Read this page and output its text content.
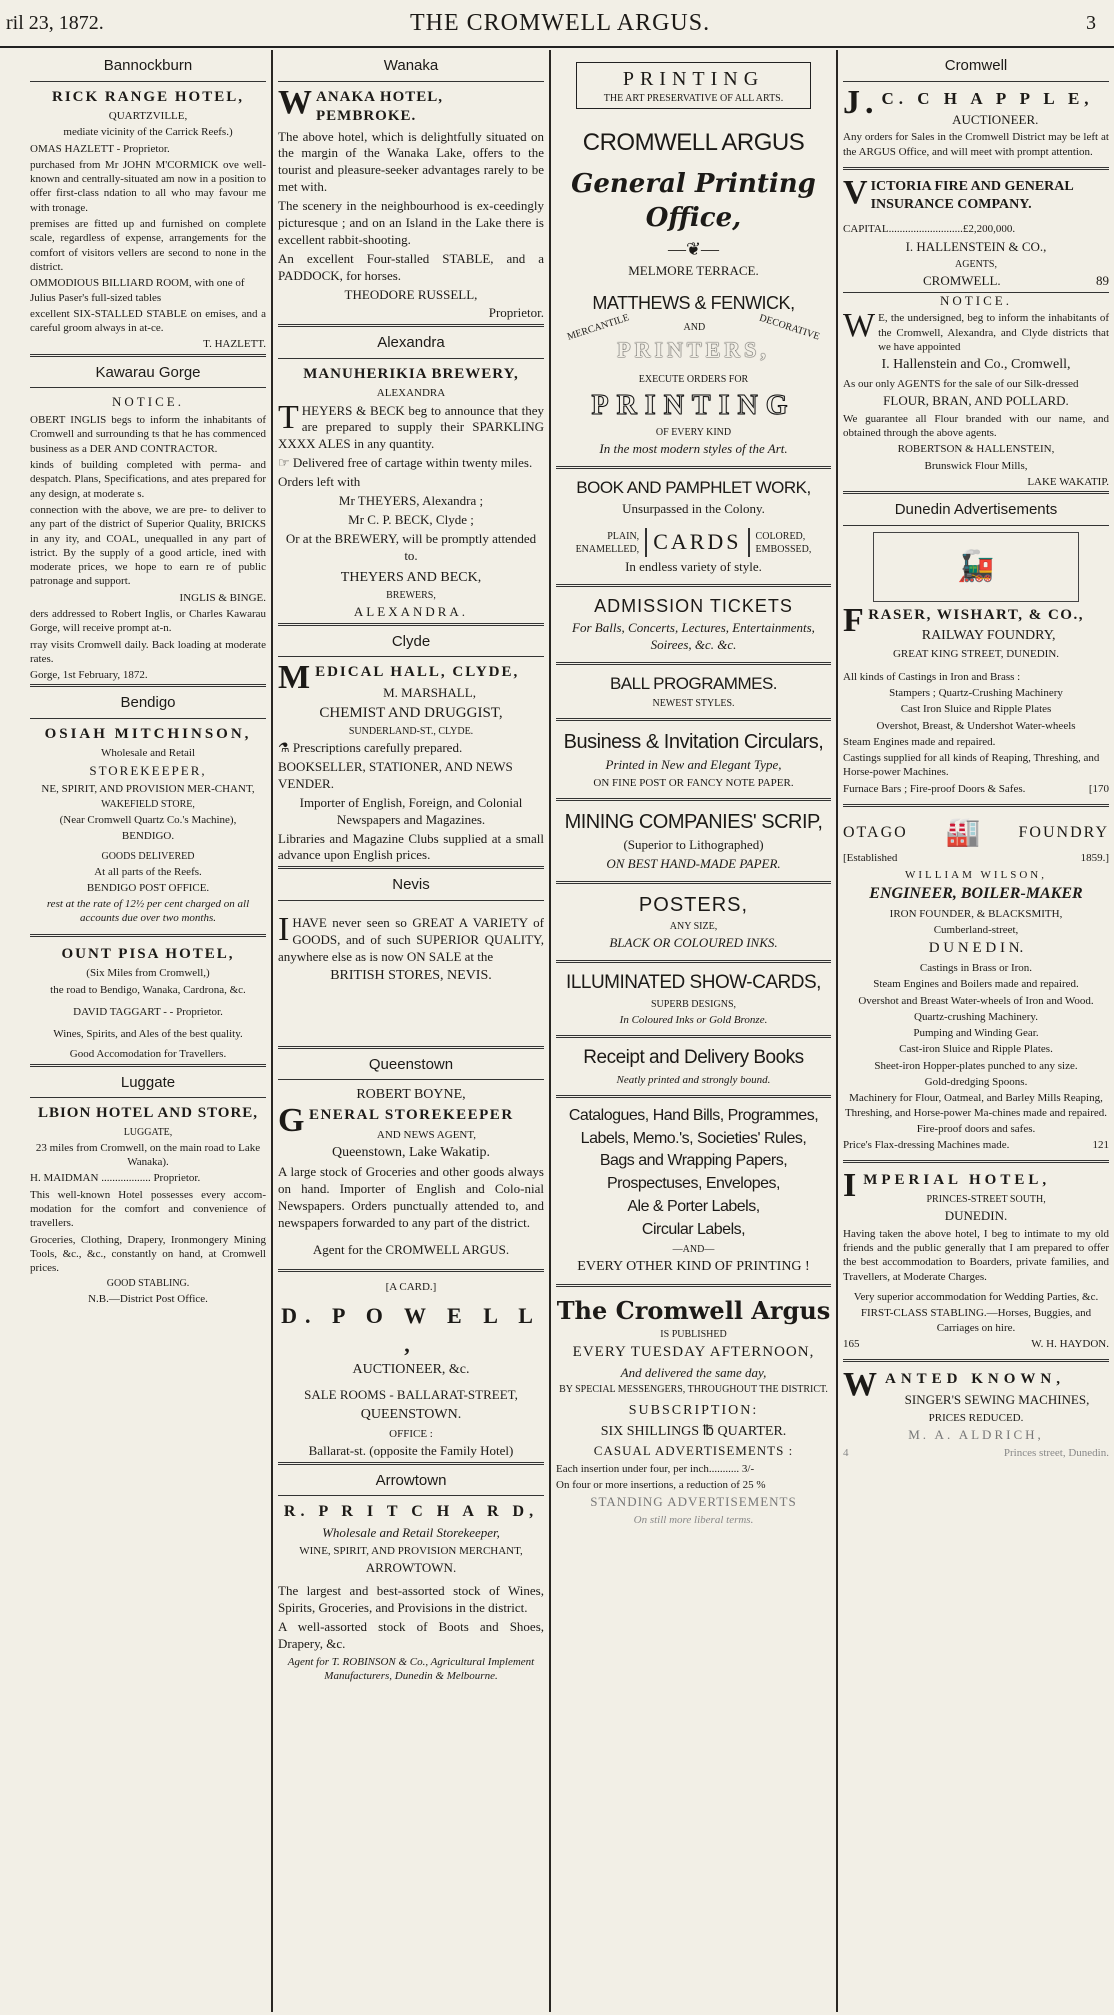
ril 23, 1872.	THE CROMWELL ARGUS.	3
Bannockburn
RICK RANGE HOTEL,

QUARTZVILLE,

mediate vicinity of the Carrick Reefs.)

OMAS HAZLETT - Proprietor.

purchased from Mr JOHN M'CORMICK ove well-known and centrally-situated am now in a position to offer first-class ndation to all who may favour me with tronage.

premises are fitted up and furnished on complete scale, regardless of expense, arrangements for the comfort of visitors vellers are second to none in the district.

OMMODIOUS BILLIARD ROOM, with one of Julius Paser's full-sized tables

excellent SIX-STALLED STABLE on emises, and a careful groom always in at-ce.

T. HAZLETT.

Kawarau Gorge

NOTICE.

OBERT INGLIS begs to inform the inhabitants of Cromwell and surrounding ts that he has commenced business as a DER AND CONTRACTOR.

kinds of building completed with perma- and despatch. Plans, Specifications, and ates prepared for any design, at moderate s.

connection with the above, we are pre- to deliver to any part of the district of Superior Quality, BRICKS in any ity, and COAL, unequalled in any part of istrict. By the supply of a good article, ined with moderate prices, we hope to earn re of public patronage and support.

INGLIS & BINGE.

ders addressed to Robert Inglis, or Charles Kawarau Gorge, will receive prompt at-n.

rray visits Cromwell daily. Back loading at moderate rates.

Gorge, 1st February, 1872.

Bendigo
OSIAH MITCHINSON,

Wholesale and Retail

STOREKEEPER,

NE, SPIRIT, AND PROVISION MER-CHANT,

WAKEFIELD STORE,

(Near Cromwell Quartz Co.'s Machine),

BENDIGO.

GOODS DELIVERED

At all parts of the Reefs.

BENDIGO POST OFFICE.

rest at the rate of 12½ per cent charged on all accounts due over two months.

OUNT PISA HOTEL,

(Six Miles from Cromwell,)

the road to Bendigo, Wanaka, Cardrona, &c.

DAVID TAGGART - - Proprietor.

Wines, Spirits, and Ales of the best quality.

Good Accomodation for Travellers.

Luggate
LBION HOTEL AND STORE,

LUGGATE,

23 miles from Cromwell, on the main road to Lake Wanaka).

H. MAIDMAN .................. Proprietor.

This well-known Hotel possesses every accom-modation for the comfort and convenience of travellers.

Groceries, Clothing, Drapery, Ironmongery Mining Tools, &c., &c., constantly on hand, at Cromwell prices.

GOOD STABLING.

N.B.—District Post Office.

Wanaka
WANAKA HOTEL, PEMBROKE.

The above hotel, which is delightfully situated on the margin of the Wanaka Lake, offers to the tourist and pleasure-seeker advantages rarely to be met with.

The scenery in the neighbourhood is ex-ceedingly picturesque ; and on an Island in the Lake there is excellent rabbit-shooting.

An excellent Four-stalled STABLE, and a PADDOCK, for horses.

THEODORE RUSSELL,

Proprietor.

Alexandra
MANUHERIKIA BREWERY,

ALEXANDRA

THEYERS & BECK beg to announce that they are prepared to supply their SPARKLING XXXX ALES in any quantity.

☞ Delivered free of cartage within twenty miles.

Orders left with

Mr THEYERS, Alexandra ;

Mr C. P. BECK, Clyde ;

Or at the BREWERY, will be promptly attended to.

THEYERS AND BECK,

BREWERS,

ALEXANDRA.

Clyde
MEDICAL HALL, CLYDE,

M. MARSHALL,

CHEMIST AND DRUGGIST,

SUNDERLAND-ST., CLYDE.

⚗ Prescriptions carefully prepared.

BOOKSELLER, STATIONER, AND NEWS VENDER.

Importer of English, Foreign, and Colonial Newspapers and Magazines.

Libraries and Magazine Clubs supplied at a small advance upon English prices.

Nevis

IHAVE never seen so GREAT A VARIETY of GOODS, and of such SUPERIOR QUALITY, anywhere else as is now ON SALE at the

BRITISH STORES, NEVIS.

Queenstown

ROBERT BOYNE,

GENERAL STOREKEEPER

AND NEWS AGENT,

Queenstown, Lake Wakatip.

A large stock of Groceries and other goods always on hand. Importer of English and Colo-nial Newspapers. Orders punctually attended to, and newspapers forwarded to any part of the district.

Agent for the CROMWELL ARGUS.

[A CARD.]

D. P O W E L L ,

AUCTIONEER, &c.

SALE ROOMS - BALLARAT-STREET,

QUEENSTOWN.

OFFICE :

Ballarat-st. (opposite the Family Hotel)

Arrowtown
R. P R I T C H A R D,

Wholesale and Retail Storekeeper,

WINE, SPIRIT, AND PROVISION MERCHANT,

ARROWTOWN.

The largest and best-assorted stock of Wines, Spirits, Groceries, and Provisions in the district.

A well-assorted stock of Boots and Shoes, Drapery, &c.

Agent for T. ROBINSON & Co., Agricultural Implement Manufacturers, Dunedin & Melbourne.

PRINTING
THE ART PRESERVATIVE OF ALL ARTS.

CROMWELL ARGUS

General Printing Office,

—❦—

MELMORE TERRACE.

MATTHEWS & FENWICK,

MERCANTILE	AND	DECORATIVE

PRINTERS,

EXECUTE ORDERS FOR

PRINTING

OF EVERY KIND

In the most modern styles of the Art.

BOOK AND PAMPHLET WORK,

Unsurpassed in the Colony.

PLAIN,
ENAMELLED, CARDS	COLORED,
EMBOSSED,

In endless variety of style.

ADMISSION TICKETS

For Balls, Concerts, Lectures, Entertainments, Soirees, &c. &c.

BALL PROGRAMMES.

NEWEST STYLES.

Business & Invitation Circulars,

Printed in New and Elegant Type,

ON FINE POST OR FANCY NOTE PAPER.

MINING COMPANIES' SCRIP,

(Superior to Lithographed)

ON BEST HAND-MADE PAPER.

POSTERS,

ANY SIZE,

BLACK OR COLOURED INKS.

ILLUMINATED SHOW-CARDS,

SUPERB DESIGNS,

In Coloured Inks or Gold Bronze.

Receipt and Delivery Books

Neatly printed and strongly bound.

Catalogues, Hand Bills, Programmes,

Labels, Memo.'s, Societies' Rules,

Bags and Wrapping Papers,

Prospectuses, Envelopes,

Ale & Porter Labels,

Circular Labels,

—AND—

EVERY OTHER KIND OF PRINTING !

The Cromwell Argus

IS PUBLISHED

EVERY TUESDAY AFTERNOON,

And delivered the same day,

BY SPECIAL MESSENGERS, THROUGHOUT THE DISTRICT.

SUBSCRIPTION:

SIX SHILLINGS ℔ QUARTER.

CASUAL ADVERTISEMENTS :

Each insertion under four, per inch........... 3/-

On four or more insertions, a reduction of 25 %

STANDING ADVERTISEMENTS

On still more liberal terms.

Cromwell
J. C. C H A P P L E,

AUCTIONEER.

Any orders for Sales in the Cromwell District may be left at the ARGUS Office, and will meet with prompt attention.

VICTORIA FIRE AND GENERAL INSURANCE COMPANY.

CAPITAL...........................£2,200,000.

I. HALLENSTEIN & CO.,

AGENTS,

CROMWELL.	89

NOTICE.

W E, the undersigned, beg to inform the inhabitants of the Cromwell, Alexandra, and Clyde districts that we have appointed

I. Hallenstein and Co., Cromwell,

As our only AGENTS for the sale of our Silk-dressed

FLOUR, BRAN, AND POLLARD.

We guarantee all Flour branded with our name, and obtained through the above agents.

ROBERTSON & HALLENSTEIN,

Brunswick Flour Mills,

LAKE WAKATIP.

Dunedin Advertisements
🚂
FRASER, WISHART, & CO.,

RAILWAY FOUNDRY,

GREAT KING STREET, DUNEDIN.

All kinds of Castings in Iron and Brass :

Stampers ; Quartz-Crushing Machinery

Cast Iron Sluice and Ripple Plates

Overshot, Breast, & Undershot Water-wheels

Steam Engines made and repaired.

Castings supplied for all kinds of Reaping, Threshing, and Horse-power Machines.

Furnace Bars ; Fire-proof Doors & Safes.	[170
OTAGO 🏭 FOUNDRY
[Established	1859.]

WILLIAM WILSON,

ENGINEER, BOILER-MAKER

IRON FOUNDER, & BLACKSMITH,

Cumberland-street,

D U N E D I N.

Castings in Brass or Iron.

Steam Engines and Boilers made and repaired.

Overshot and Breast Water-wheels of Iron and Wood.

Quartz-crushing Machinery.

Pumping and Winding Gear.

Cast-iron Sluice and Ripple Plates.

Sheet-iron Hopper-plates punched to any size.

Gold-dredging Spoons.

Machinery for Flour, Oatmeal, and Barley Mills Reaping, Threshing, and Horse-power Ma-chines made and repaired.

Fire-proof doors and safes.

Price's Flax-dressing Machines made.	121
IMPERIAL HOTEL,

PRINCES-STREET SOUTH,

DUNEDIN.

Having taken the above hotel, I beg to intimate to my old friends and the public generally that I am prepared to offer the best accommodation to Boarders, private families, and Travellers, at Moderate Charges.

Very superior accommodation for Wedding Parties, &c.

FIRST-CLASS STABLING.—Horses, Buggies, and Carriages on hire.

165	W. H. HAYDON.
WANTED KNOWN,

SINGER'S SEWING MACHINES,

PRICES REDUCED.

M. A. ALDRICH,

4	Princes street, Dunedin.
